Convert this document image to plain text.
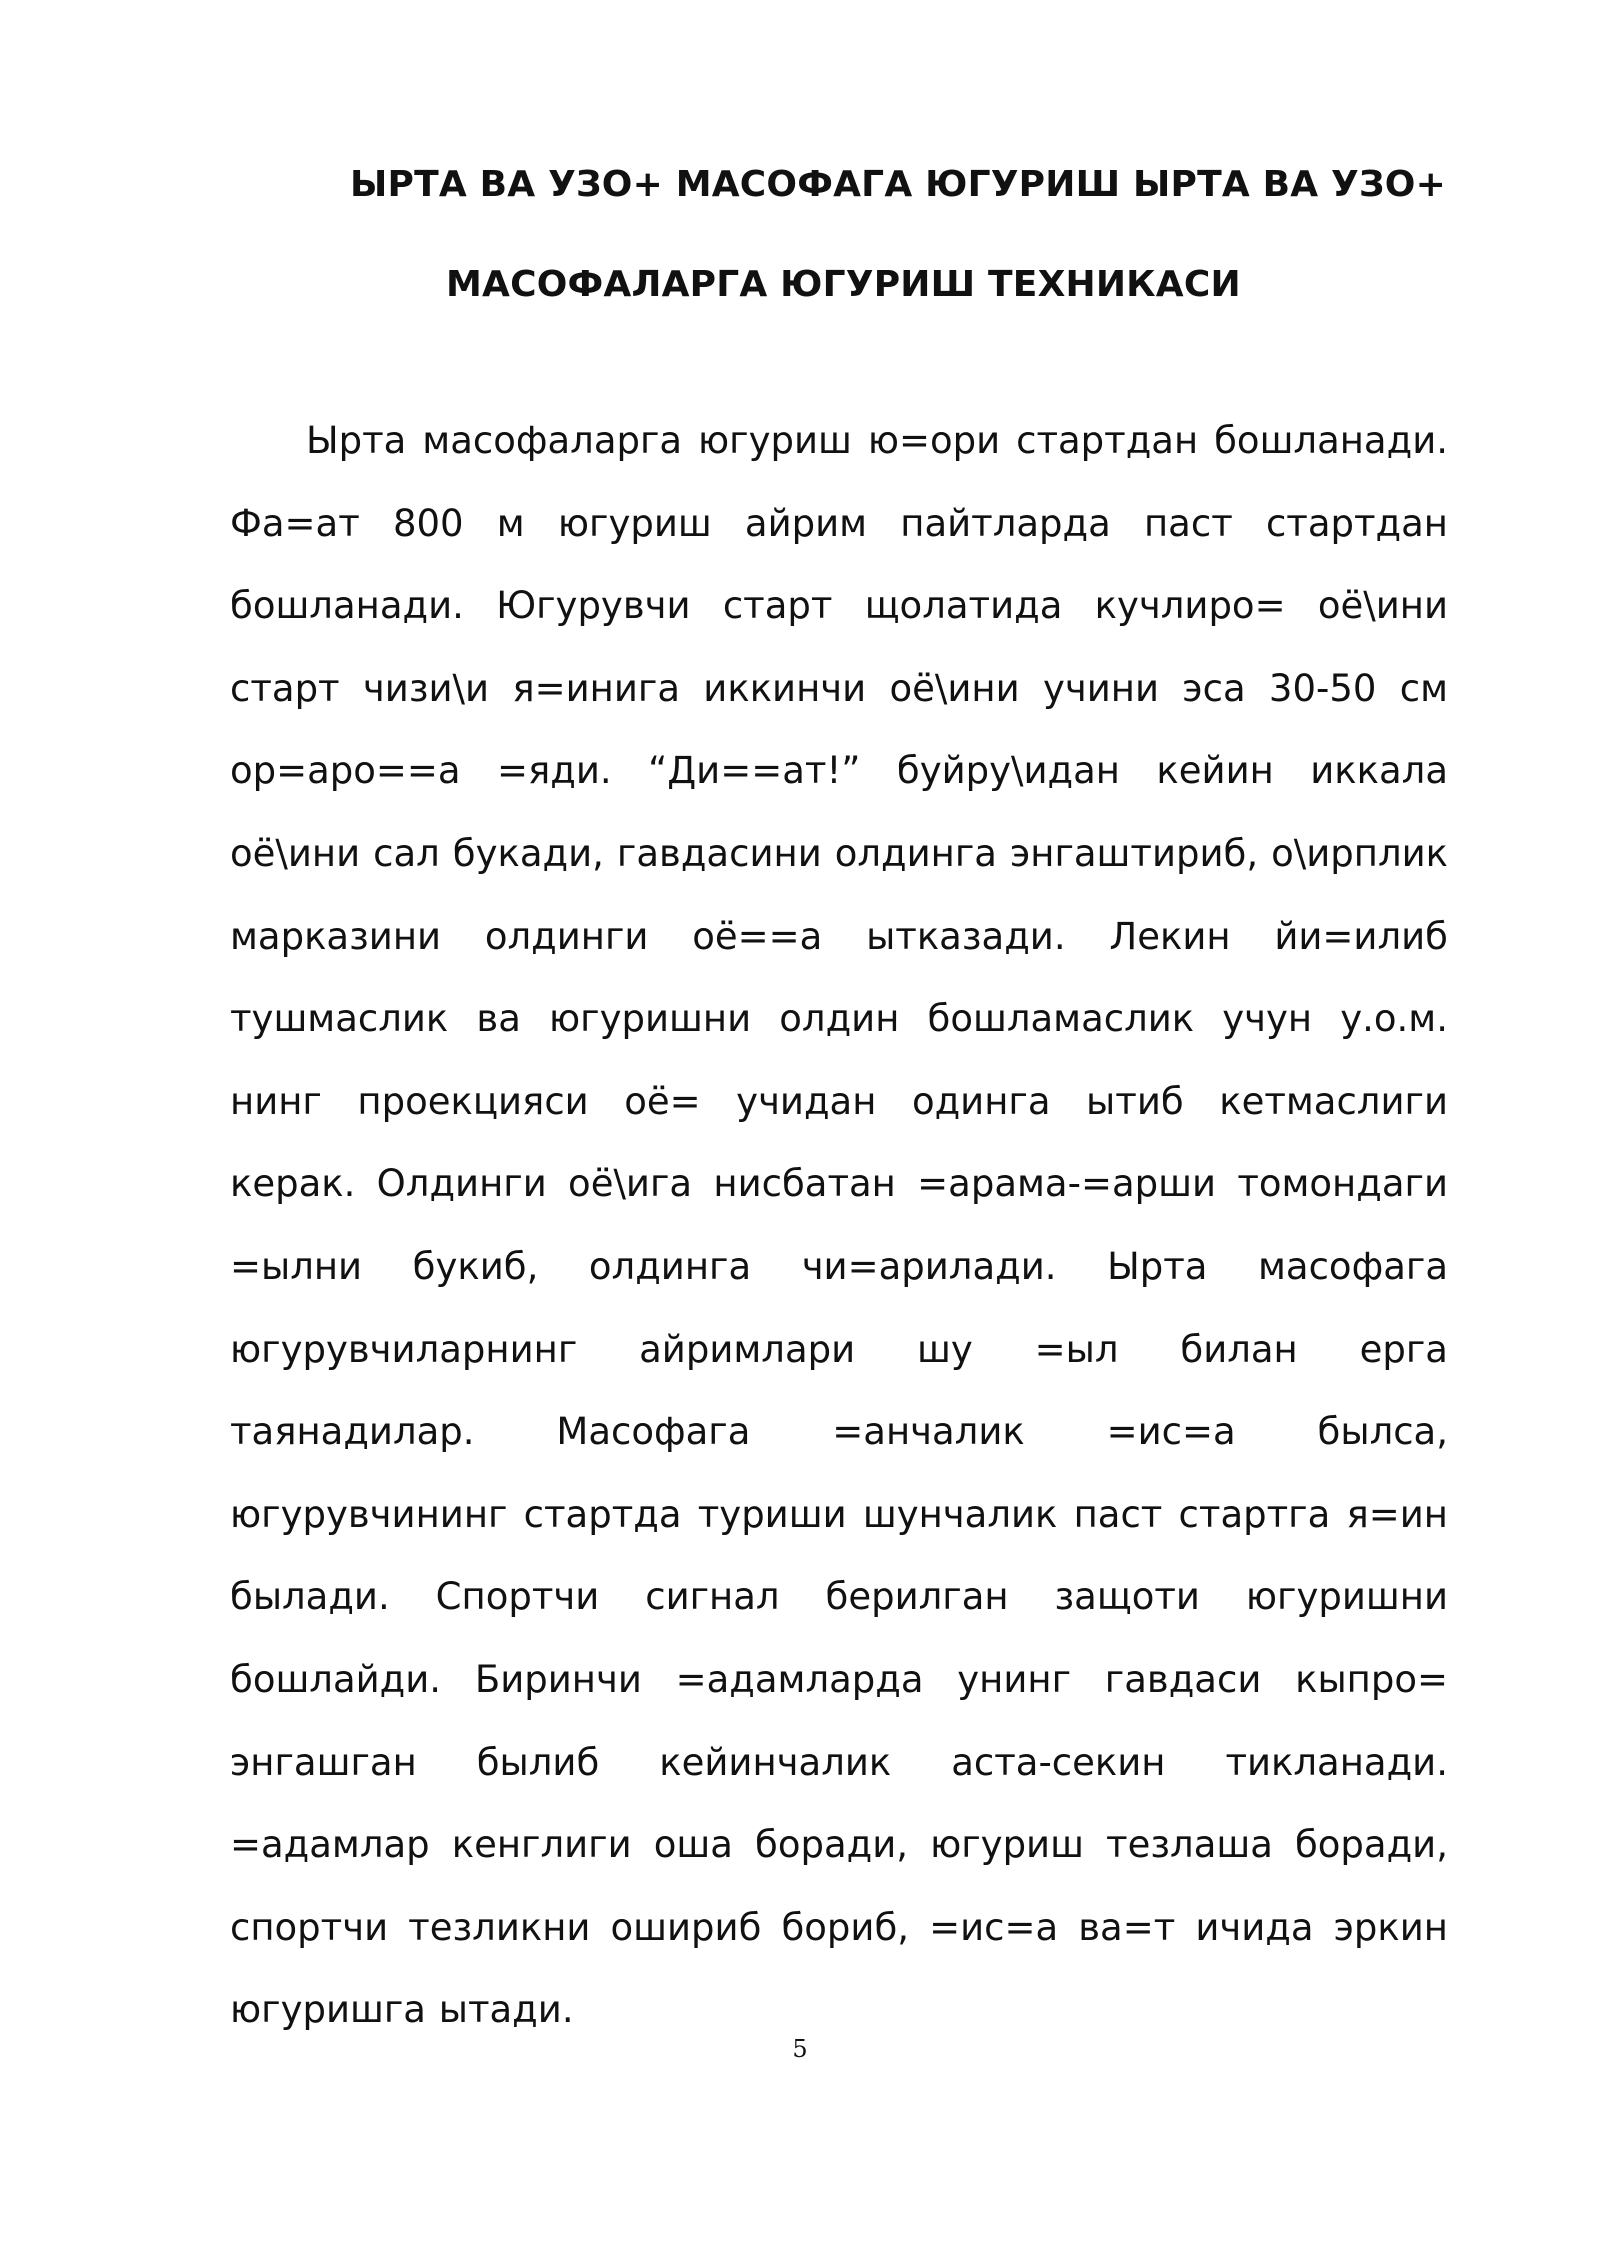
ЫРТА ВА УЗО+ МАСОФАГА ЮГУРИШ ЫРТА ВА УЗО+
МАСОФАЛАРГА ЮГУРИШ ТЕХНИКАСИ

Ырта масофаларга югуриш ю=ори стартдан бошланади. Фа=ат 800 м югуриш айрим пайтларда паст стартдан бошланади. Югурувчи старт щолатида кучлиро= оё\ини старт чизи\и я=инига иккинчи оё\ини учини эса 30-50 см ор=аро==а =яди. “Ди==ат!” буйру\идан кейин иккала оё\ини сал букади, гавдасини олдинга энгаштириб, о\ирплик марказини олдинги оё==а ытказади. Лекин йи=илиб тушмаслик ва югуришни олдин бошламаслик учун у.о.м. нинг проекцияси оё= учидан одинга ытиб кетмаслиги керак. Олдинги оё\ига нисбатан =арама-=арши томондаги =ылни букиб, олдинга чи=арилади. Ырта масофага югурувчиларнинг айримлари шу =ыл билан ерга таянадилар. Масофага =анчалик =ис=а былса, югурувчининг стартда туриши шунчалик паст стартга я=ин былади. Спортчи сигнал берилган защоти югуришни бошлайди. Биринчи =адамларда унинг гавдаси кыпро= энгашган былиб кейинчалик аста-секин тикланади. =адамлар кенглиги оша боради, югуриш тезлаша боради, спортчи тезликни ошириб бориб, =ис=а ва=т ичида эркин югуришга ытади.

5
